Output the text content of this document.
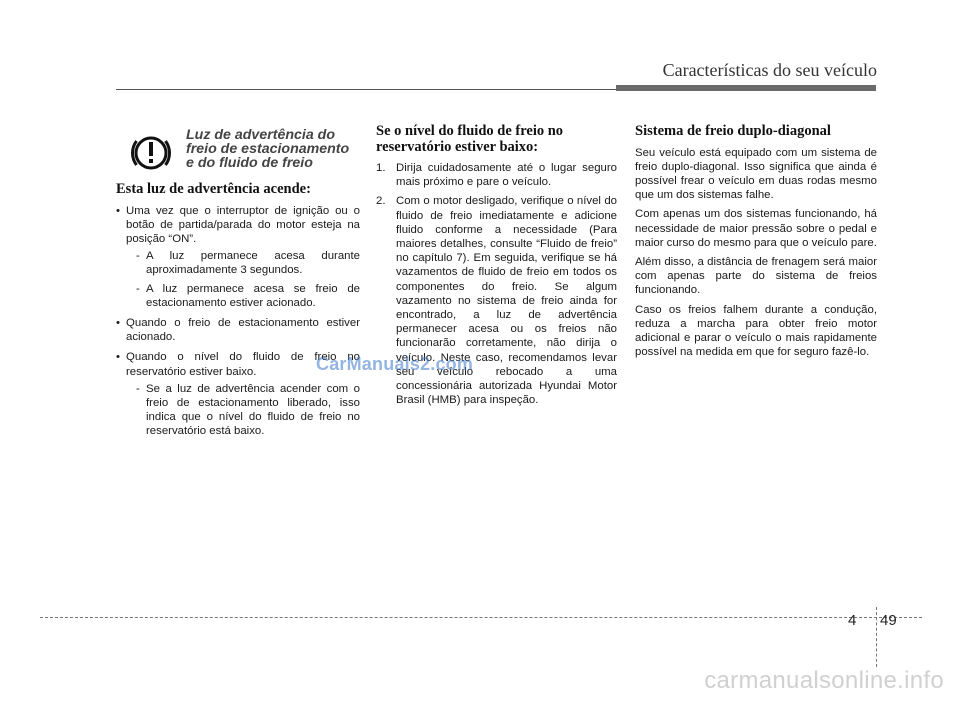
Características do seu veículo
Luz de advertência do
freio de estacionamento
e do fluido de freio
Esta luz de advertência acende:
• Uma vez que o interruptor de ignição ou o botão de partida/parada do motor esteja na posição “ON”.
- A luz permanece acesa durante aproximadamente 3 segundos.
- A luz permanece acesa se freio de estacionamento estiver acionado.
• Quando o freio de estacionamento estiver acionado.
• Quando o nível do fluido de freio no reservatório estiver baixo.
- Se a luz de advertência acender com o freio de estacionamento liberado, isso indica que o nível do fluido de freio no reservatório está baixo.
Se o nível do fluido de freio no reservatório estiver baixo:
1. Dirija cuidadosamente até o lugar seguro mais próximo e pare o veículo.
2. Com o motor desligado, verifique o nível do fluido de freio imediatamente e adicione fluido conforme a necessidade (Para maiores detalhes, consulte “Fluido de freio” no capítulo 7). Em seguida, verifique se há vazamentos de fluido de freio em todos os componentes do freio. Se algum vazamento no sistema de freio ainda for encontrado, a luz de advertência permanecer acesa ou os freios não funcionarão corretamente, não dirija o veículo. Neste caso, recomendamos levar seu veículo rebocado a uma concessionária autorizada Hyundai Motor Brasil (HMB) para inspeção.
Sistema de freio duplo-diagonal

Seu veículo está equipado com um sistema de freio duplo-diagonal. Isso significa que ainda é possível frear o veículo em duas rodas mesmo que um dos sistemas falhe.

Com apenas um dos sistemas funcionando, há necessidade de maior pressão sobre o pedal e maior curso do mesmo para que o veículo pare.

Além disso, a distância de frenagem será maior com apenas parte do sistema de freios funcionando.

Caso os freios falhem durante a condução, reduza a marcha para obter freio motor adicional e parar o veículo o mais rapidamente possível na medida em que for seguro fazê-lo.

CarManuals2.com
4 49
carmanualsonline.info
